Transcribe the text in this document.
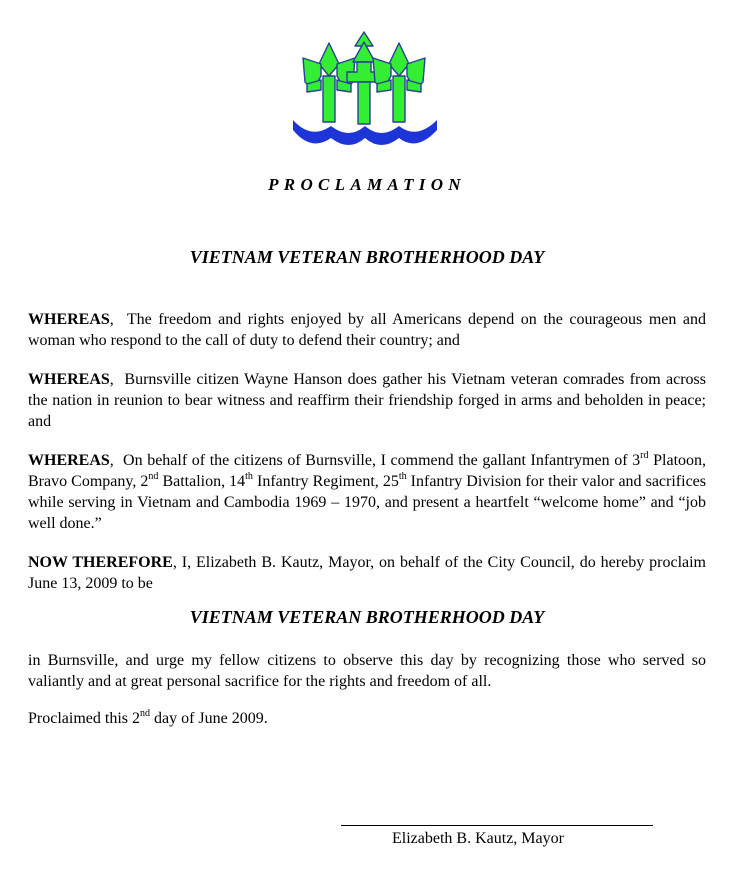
PROCLAMATION
VIETNAM VETERAN BROTHERHOOD DAY

WHEREAS,  The freedom and rights enjoyed by all Americans depend on the courageous men and woman who respond to the call of duty to defend their country; and

WHEREAS,  Burnsville citizen Wayne Hanson does gather his Vietnam veteran comrades from across the nation in reunion to bear witness and reaffirm their friendship forged in arms and beholden in peace; and

WHEREAS,  On behalf of the citizens of Burnsville, I commend the gallant Infantrymen of 3rd Platoon, Bravo Company, 2nd Battalion, 14th Infantry Regiment, 25th Infantry Division for their valor and sacrifices while serving in Vietnam and Cambodia 1969 – 1970, and present a heartfelt “welcome home” and “job well done.”

NOW THEREFORE, I, Elizabeth B. Kautz, Mayor, on behalf of the City Council, do hereby proclaim June 13, 2009 to be

VIETNAM VETERAN BROTHERHOOD DAY

in Burnsville, and urge my fellow citizens to observe this day by recognizing those who served so valiantly and at great personal sacrifice for the rights and freedom of all.

Proclaimed this 2nd day of June 2009.

Elizabeth B. Kautz, Mayor
